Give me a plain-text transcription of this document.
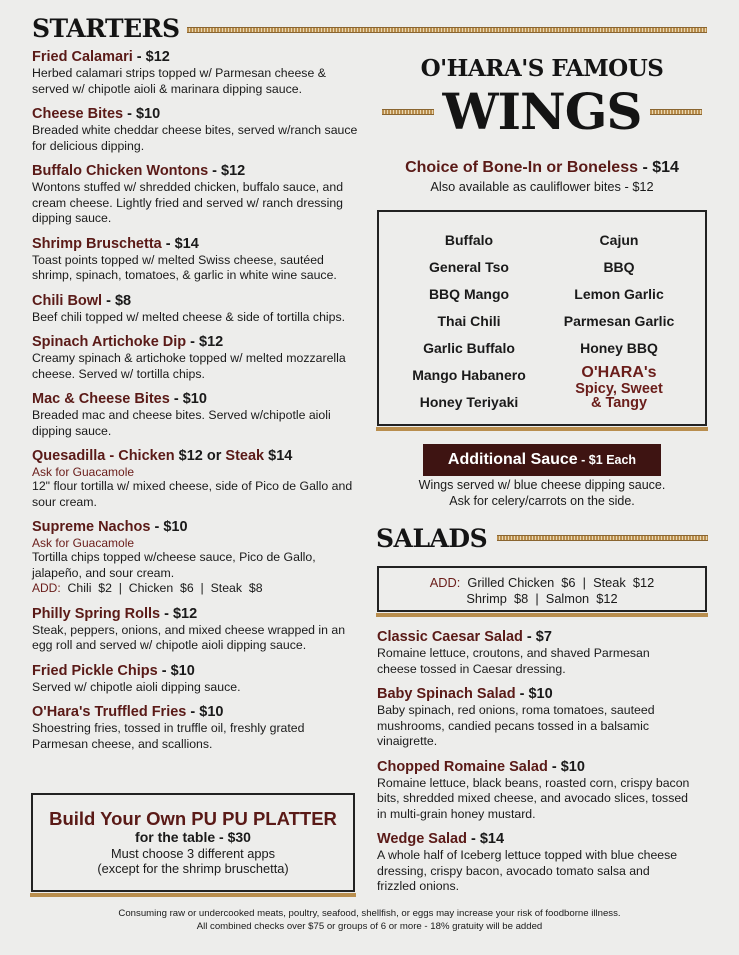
STARTERS
Fried Calamari - $12
Herbed calamari strips topped w/ Parmesan cheese & served w/ chipotle aioli & marinara dipping sauce.
Cheese Bites - $10
Breaded white cheddar cheese bites, served w/ranch sauce for delicious dipping.
Buffalo Chicken Wontons - $12
Wontons stuffed w/ shredded chicken, buffalo sauce, and cream cheese. Lightly fried and served w/ ranch dressing dipping sauce.
Shrimp Bruschetta - $14
Toast points topped w/ melted Swiss cheese, sautéed shrimp, spinach, tomatoes, & garlic in white wine sauce.
Chili Bowl - $8
Beef chili topped w/ melted cheese & side of tortilla chips.
Spinach Artichoke Dip - $12
Creamy spinach & artichoke topped w/ melted mozzarella cheese. Served w/ tortilla chips.
Mac & Cheese Bites - $10
Breaded mac and cheese bites. Served w/chipotle aioli dipping sauce.
Quesadilla - Chicken $12 or Steak $14
Ask for Guacamole
12" flour tortilla w/ mixed cheese, side of Pico de Gallo and sour cream.
Supreme Nachos - $10
Ask for Guacamole
Tortilla chips topped w/cheese sauce, Pico de Gallo, jalapeño, and sour cream.
ADD:  Chili  $2  |  Chicken  $6  |  Steak  $8
Philly Spring Rolls - $12
Steak, peppers, onions, and mixed cheese wrapped in an egg roll and served w/ chipotle aioli dipping sauce.
Fried Pickle Chips - $10
Served w/ chipotle aioli dipping sauce.
O'Hara's Truffled Fries - $10
Shoestring fries, tossed in truffle oil, freshly grated Parmesan cheese, and scallions.
Build Your Own PU PU PLATTER
for the table - $30
Must choose 3 different apps
(except for the shrimp bruschetta)
O'HARA'S FAMOUS
WINGS
Choice of Bone-In or Boneless - $14
Also available as cauliflower bites - $12
Buffalo
General Tso
BBQ Mango
Thai Chili
Garlic Buffalo
Mango Habanero
Honey Teriyaki
Cajun
BBQ
Lemon Garlic
Parmesan Garlic
Honey BBQ
O'HARA's
Spicy, Sweet
& Tangy
Additional Sauce - $1 Each
Wings served w/ blue cheese dipping sauce.
Ask for celery/carrots on the side.
SALADS
ADD:  Grilled Chicken  $6  |  Steak  $12
Shrimp  $8  |  Salmon  $12
Classic Caesar Salad - $7
Romaine lettuce, croutons, and shaved Parmesan cheese tossed in Caesar dressing.
Baby Spinach Salad - $10
Baby spinach, red onions, roma tomatoes, sauteed mushrooms, candied pecans tossed in a balsamic vinaigrette.
Chopped Romaine Salad - $10
Romaine lettuce, black beans, roasted corn, crispy bacon bits, shredded mixed cheese, and avocado slices, tossed in multi-grain honey mustard.
Wedge Salad - $14
A whole half of Iceberg lettuce topped with blue cheese dressing, crispy bacon, avocado tomato salsa and frizzled onions.
Consuming raw or undercooked meats, poultry, seafood, shellfish, or eggs may increase your risk of foodborne illness.
All combined checks over $75 or groups of 6 or more - 18% gratuity will be added
